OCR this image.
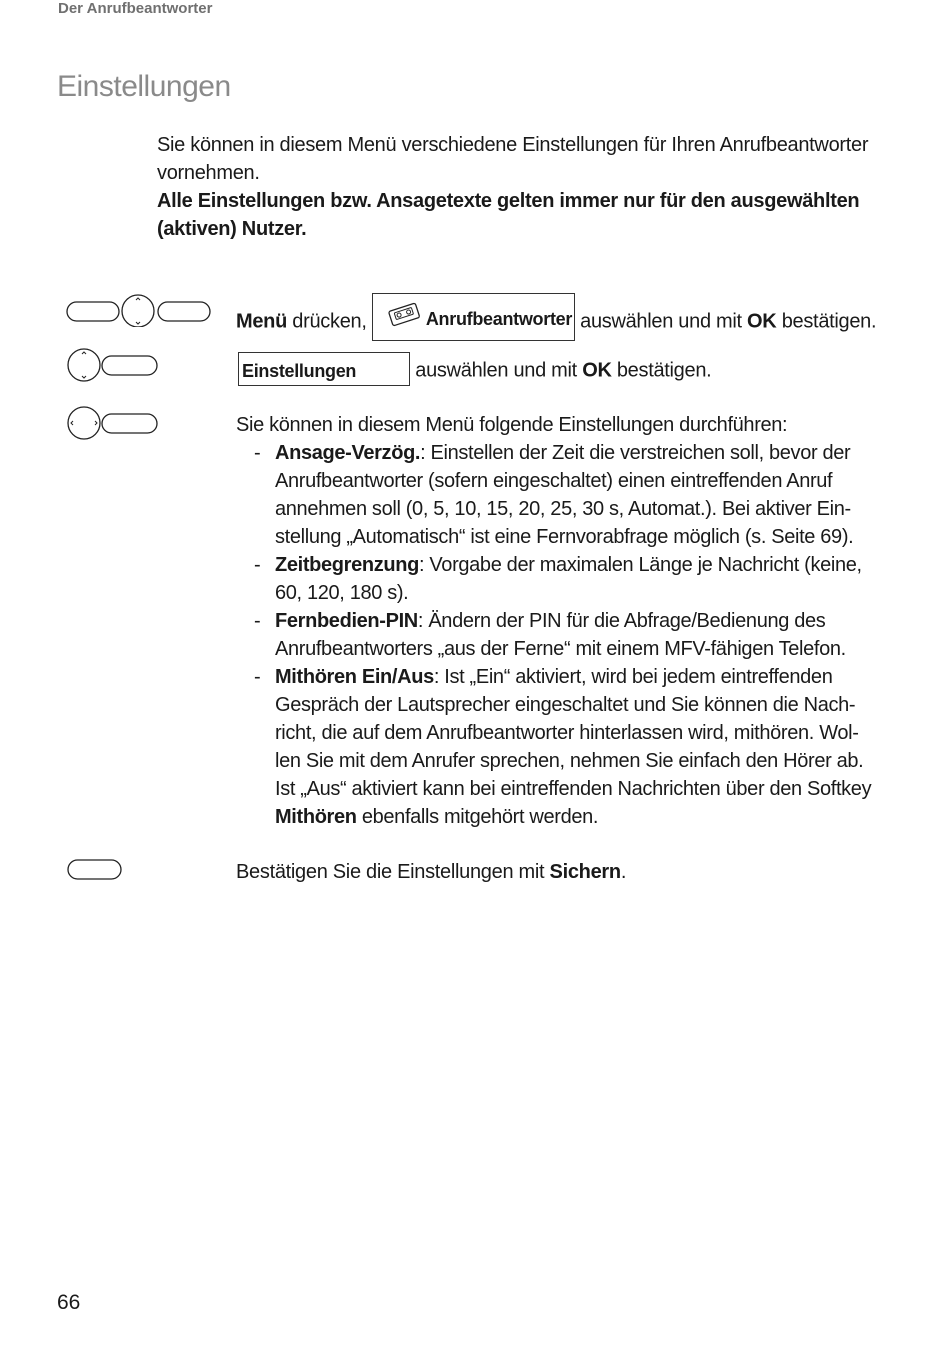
Der Anrufbeantworter
Einstellungen
Sie können in diesem Menü verschiedene Einstellungen für Ihren Anrufbeantworter vornehmen.
Alle Einstellungen bzw. Ansagetexte gelten immer nur für den ausgewählten (aktiven) Nutzer.
Menü drücken,	Anrufbeantworter auswählen und mit OK bestätigen.
Einstellungen	auswählen und mit OK bestätigen.
Sie können in diesem Menü folgende Einstellungen durchführen:
- Ansage-Verzög.: Einstellen der Zeit die verstreichen soll, bevor der Anrufbeantworter (sofern eingeschaltet) einen eintreffenden Anruf annehmen soll (0, 5, 10, 15, 20, 25, 30 s, Automat.). Bei aktiver Einstellung „Automatisch“ ist eine Fernvorabfrage möglich (s. Seite 69).
- Zeitbegrenzung: Vorgabe der maximalen Länge je Nachricht (keine, 60, 120, 180 s).
- Fernbedien-PIN: Ändern der PIN für die Abfrage/Bedienung des Anrufbeantworters „aus der Ferne“ mit einem MFV-fähigen Telefon.
- Mithören Ein/Aus: Ist „Ein“ aktiviert, wird bei jedem eintreffenden Gespräch der Lautsprecher eingeschaltet und Sie können die Nachricht, die auf dem Anrufbeantworter hinterlassen wird, mithören. Wollen Sie mit dem Anrufer sprechen, nehmen Sie einfach den Hörer ab. Ist „Aus“ aktiviert kann bei eintreffenden Nachrichten über den Softkey Mithören ebenfalls mitgehört werden.
Bestätigen Sie die Einstellungen mit Sichern.
66
